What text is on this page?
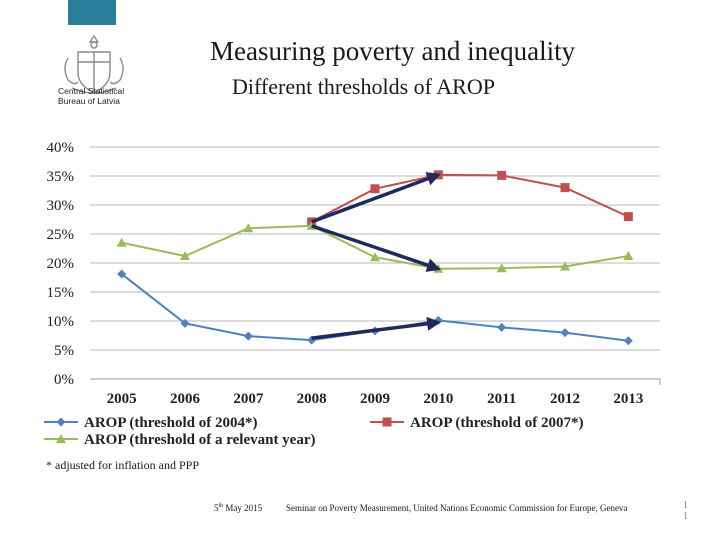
Central Statistical
Bureau of Latvia
Measuring poverty and inequality
Different thresholds of AROP
0%
5%
10%
15%
20%
25%
30%
35%
40%
2005 2006 2007 2008 2009 2010 2011 2012 2013
AROP (threshold of 2004*)	AROP (threshold of 2007*)
AROP (threshold of a relevant year)
* adjusted for inflation and PPP
5th May 2015	Seminar on Poverty Measurement, United Nations Economic Commission for Europe, Geneva	1
1
